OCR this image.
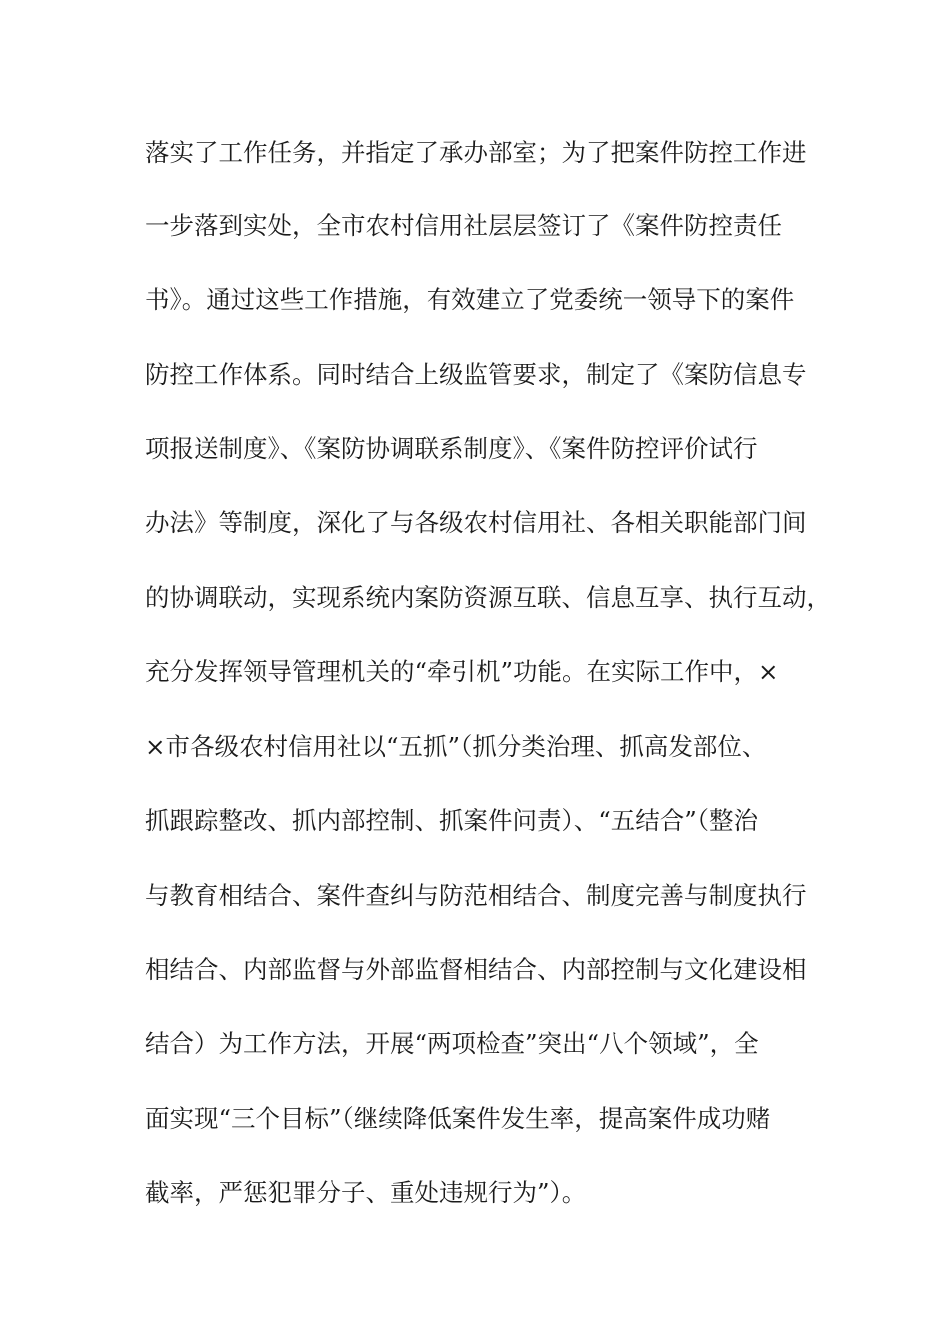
落实了工作任务，并指定了承办部室；为了把案件防控工作进
一步落到实处，全市农村信用社层层签订了《案件防控责任
书》。通过这些工作措施，有效建立了党委统一领导下的案件
防控工作体系。同时结合上级监管要求，制定了《案防信息专
项报送制度》、《案防协调联系制度》、《案件防控评价试行
办法》等制度，深化了与各级农村信用社、各相关职能部门间
的协调联动，实现系统内案防资源互联、信息互享、执行互动，
充分发挥领导管理机关的“牵引机”功能。在实际工作中，×
×市各级农村信用社以“五抓”（抓分类治理、抓高发部位、
抓跟踪整改、抓内部控制、抓案件问责）、“五结合”（整治
与教育相结合、案件查纠与防范相结合、制度完善与制度执行
相结合、内部监督与外部监督相结合、内部控制与文化建设相
结合）为工作方法，开展“两项检查”突出“八个领域”，全
面实现“三个目标”（继续降低案件发生率，提高案件成功赌
截率，严惩犯罪分子、重处违规行为”）。
